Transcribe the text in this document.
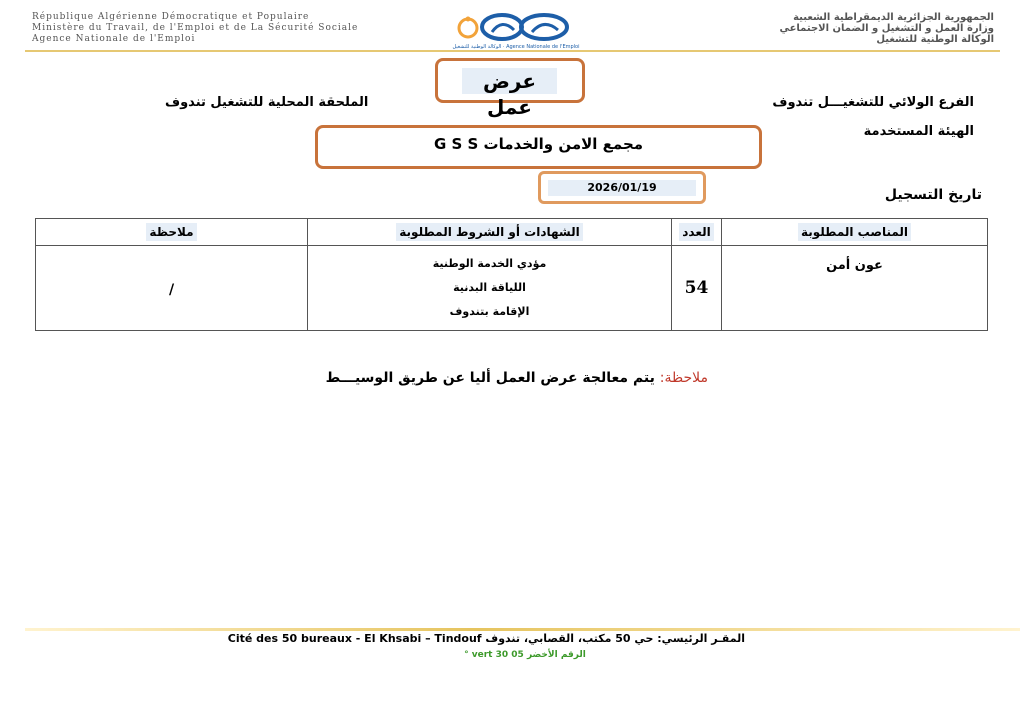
République Algérienne Démocratique et Populaire
Ministère du Travail, de l'Emploi et de La Sécurité Sociale
Agence Nationale de l'Emploi
الوكالة الوطنية للتشغيل · Agence Nationale de l'Emploi
الجمهورية الجزائرية الديمقراطية الشعبية
وزارة العمل و التشغيل و الضمان الاجتماعي
الوكالة الوطنية للتشغيل
عرض عمل	الفرع الولائي للتشغيـــل تندوف
الملحقة المحلية للتشغيل تندوف
الهيئة المستخدمة
مجمع الامن والخدمات G S S
2026/01/19	تاريخ التسجيل
المناصب المطلوبة	العدد	الشهادات أو الشروط المطلوبة	ملاحظة

عون أمن	54	مؤدي الخدمة الوطنية
اللياقة البدنية
الإقامة بتندوف	/
ملاحظة: يتم معالجة عرض العمل أليا عن طريق الوسيـــط
المقـر الرئيسي: حي 50 مكتب، القصابي، تندوف Cité des 50 bureaux - El Khsabi – Tindouf
الرقم الأخضر 05 30 vert °
